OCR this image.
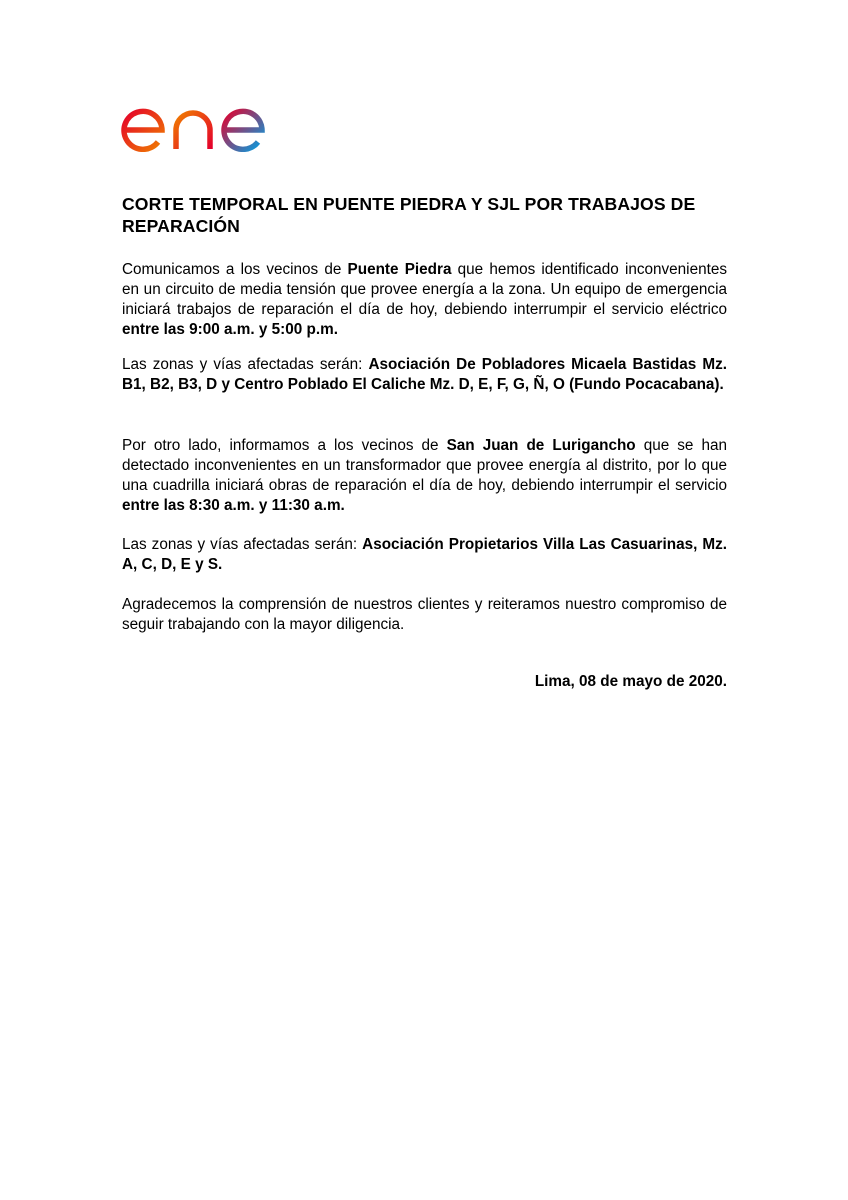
CORTE TEMPORAL EN PUENTE PIEDRA Y SJL POR TRABAJOS DE REPARACIÓN

Comunicamos a los vecinos de Puente Piedra que hemos identificado inconvenientes en un circuito de media tensión que provee energía a la zona. Un equipo de emergencia iniciará trabajos de reparación el día de hoy, debiendo interrumpir el servicio eléctrico entre las 9:00 a.m. y 5:00 p.m.

Las zonas y vías afectadas serán: Asociación De Pobladores Micaela Bastidas Mz. B1, B2, B3, D y Centro Poblado El Caliche Mz. D, E, F, G, Ñ, O (Fundo Pocacabana).

Por otro lado, informamos a los vecinos de San Juan de Lurigancho que se han detectado inconvenientes en un transformador que provee energía al distrito, por lo que una cuadrilla iniciará obras de reparación el día de hoy, debiendo interrumpir el servicio entre las 8:30 a.m. y 11:30 a.m.

Las zonas y vías afectadas serán: Asociación Propietarios Villa Las Casuarinas, Mz. A, C, D, E y S.

Agradecemos la comprensión de nuestros clientes y reiteramos nuestro compromiso de seguir trabajando con la mayor diligencia.

Lima, 08 de mayo de 2020.
